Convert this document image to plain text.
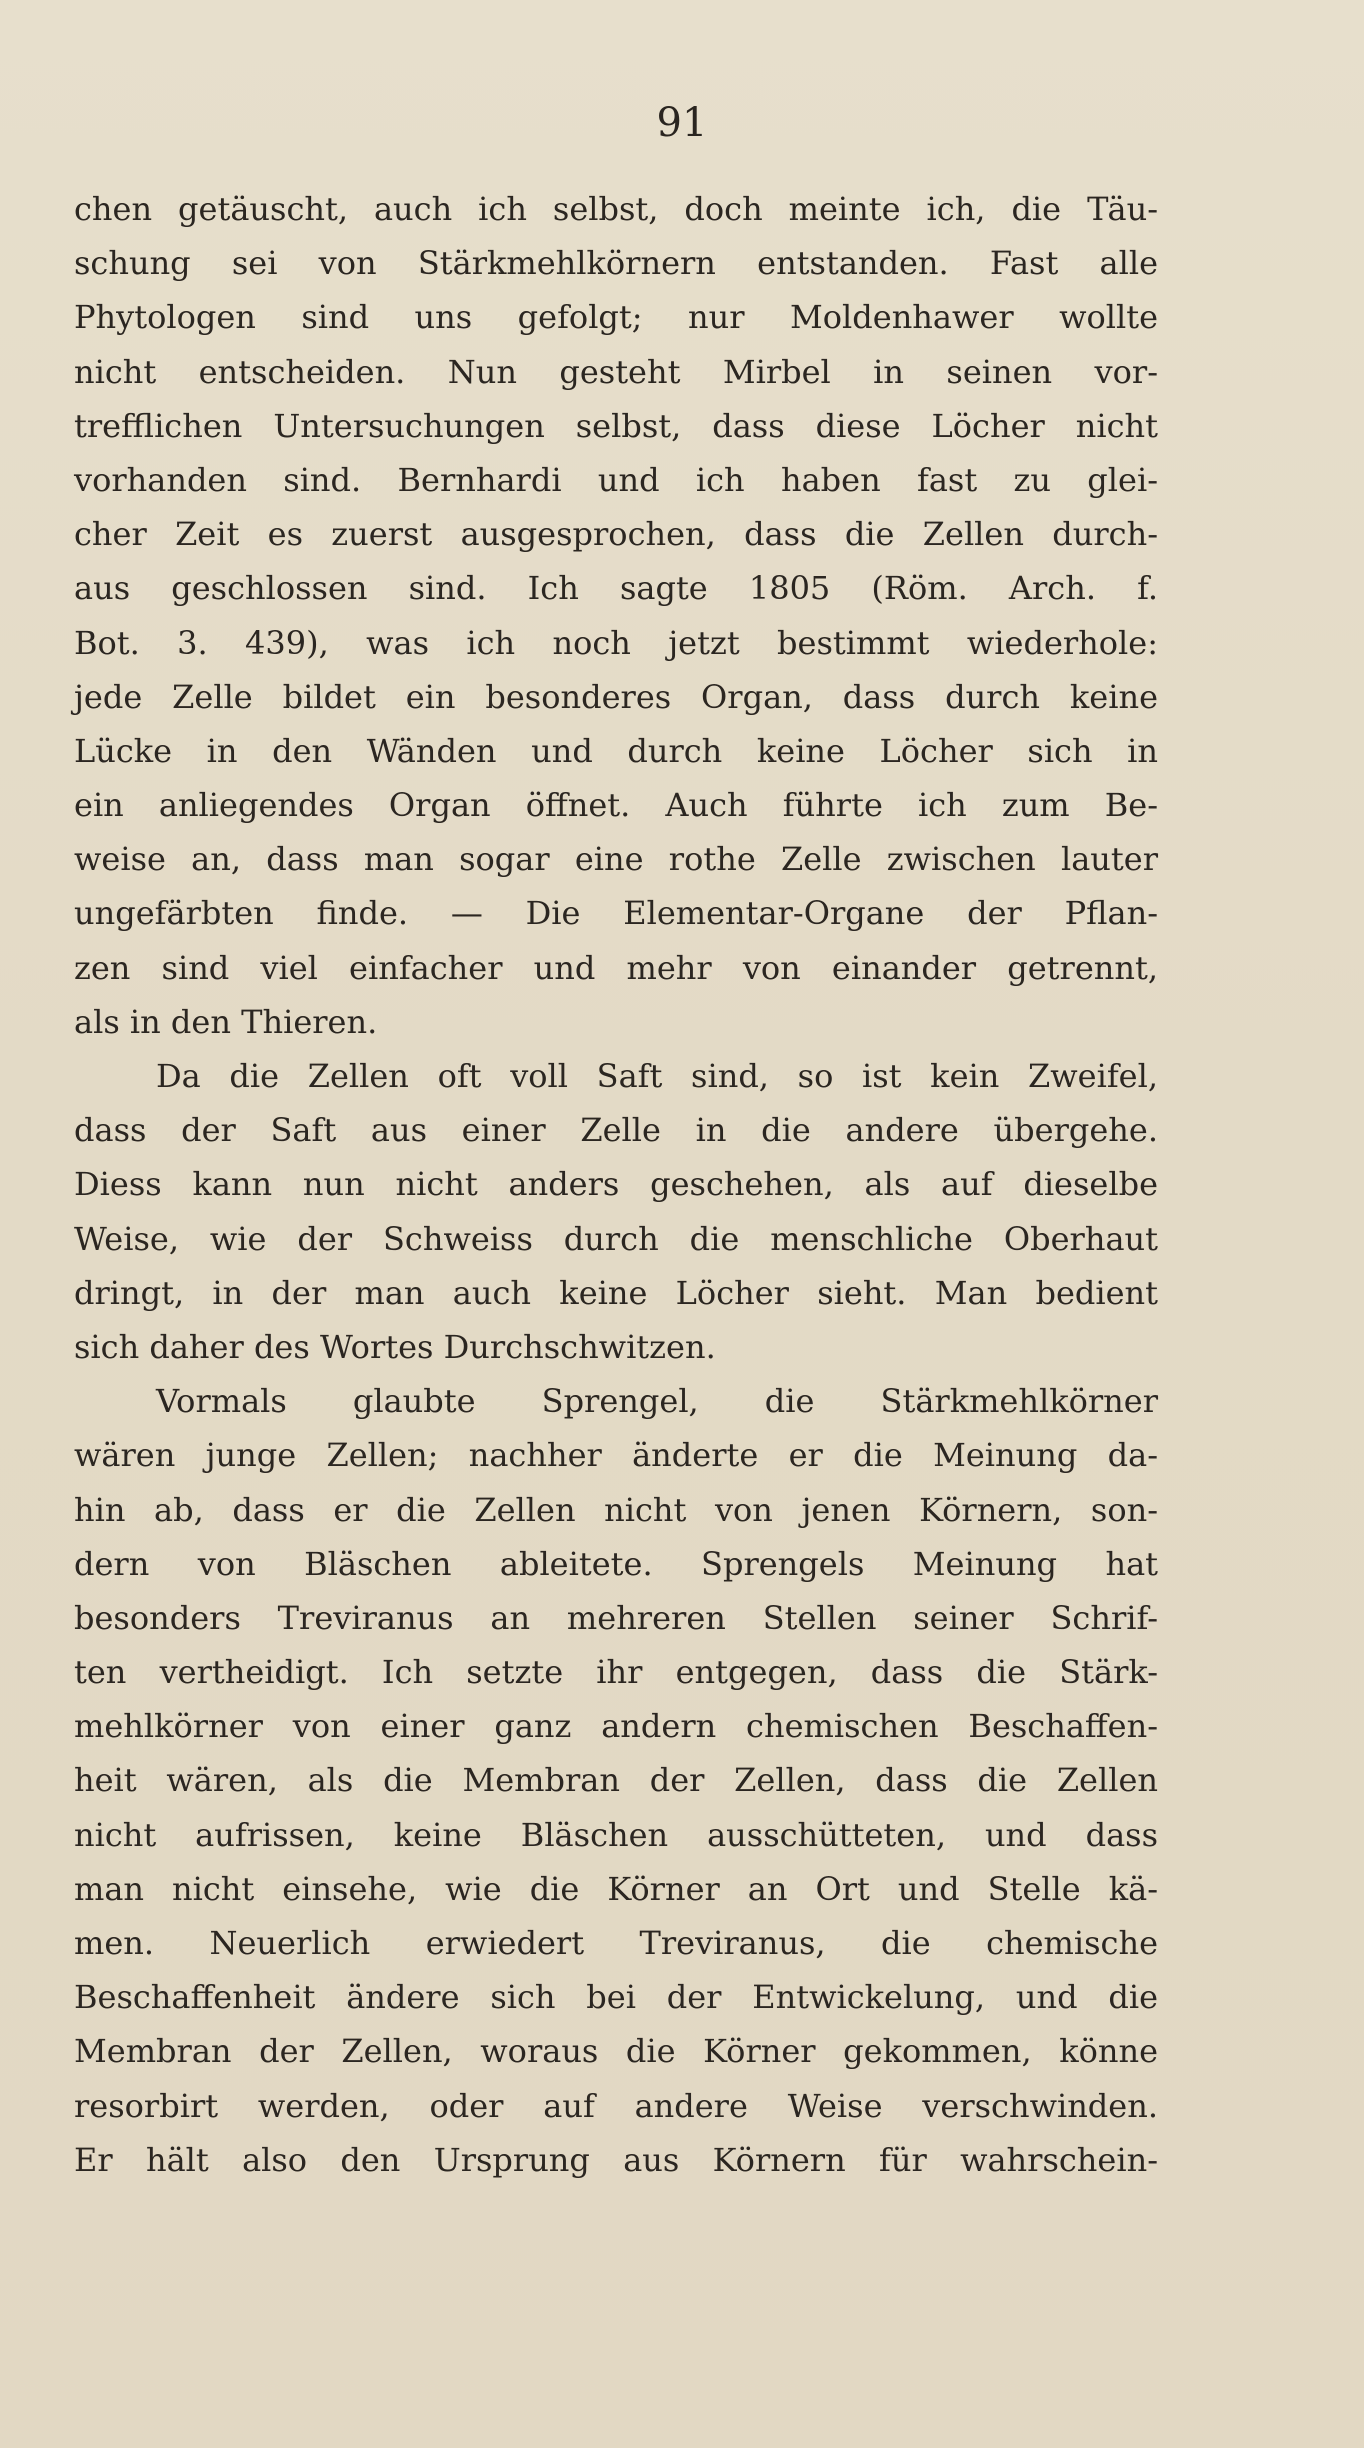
91
chen getäuscht, auch ich selbst, doch meinte ich, die Täu-
schung sei von Stärkmehlkörnern entstanden. Fast alle
Phytologen sind uns gefolgt; nur Moldenhawer wollte
nicht entscheiden. Nun gesteht Mirbel in seinen vor-
trefflichen Untersuchungen selbst, dass diese Löcher nicht
vorhanden sind. Bernhardi und ich haben fast zu glei-
cher Zeit es zuerst ausgesprochen, dass die Zellen durch-
aus geschlossen sind. Ich sagte 1805 (Röm. Arch. f.
Bot. 3. 439), was ich noch jetzt bestimmt wiederhole:
jede Zelle bildet ein besonderes Organ, dass durch keine
Lücke in den Wänden und durch keine Löcher sich in
ein anliegendes Organ öffnet. Auch führte ich zum Be-
weise an, dass man sogar eine rothe Zelle zwischen lauter
ungefärbten finde. — Die Elementar-Organe der Pflan-
zen sind viel einfacher und mehr von einander getrennt,
als in den Thieren.
Da die Zellen oft voll Saft sind, so ist kein Zweifel,
dass der Saft aus einer Zelle in die andere übergehe.
Diess kann nun nicht anders geschehen, als auf dieselbe
Weise, wie der Schweiss durch die menschliche Oberhaut
dringt, in der man auch keine Löcher sieht. Man bedient
sich daher des Wortes Durchschwitzen.
Vormals glaubte Sprengel, die Stärkmehlkörner
wären junge Zellen; nachher änderte er die Meinung da-
hin ab, dass er die Zellen nicht von jenen Körnern, son-
dern von Bläschen ableitete. Sprengels Meinung hat
besonders Treviranus an mehreren Stellen seiner Schrif-
ten vertheidigt. Ich setzte ihr entgegen, dass die Stärk-
mehlkörner von einer ganz andern chemischen Beschaffen-
heit wären, als die Membran der Zellen, dass die Zellen
nicht aufrissen, keine Bläschen ausschütteten, und dass
man nicht einsehe, wie die Körner an Ort und Stelle kä-
men. Neuerlich erwiedert Treviranus, die chemische
Beschaffenheit ändere sich bei der Entwickelung, und die
Membran der Zellen, woraus die Körner gekommen, könne
resorbirt werden, oder auf andere Weise verschwinden.
Er hält also den Ursprung aus Körnern für wahrschein-
